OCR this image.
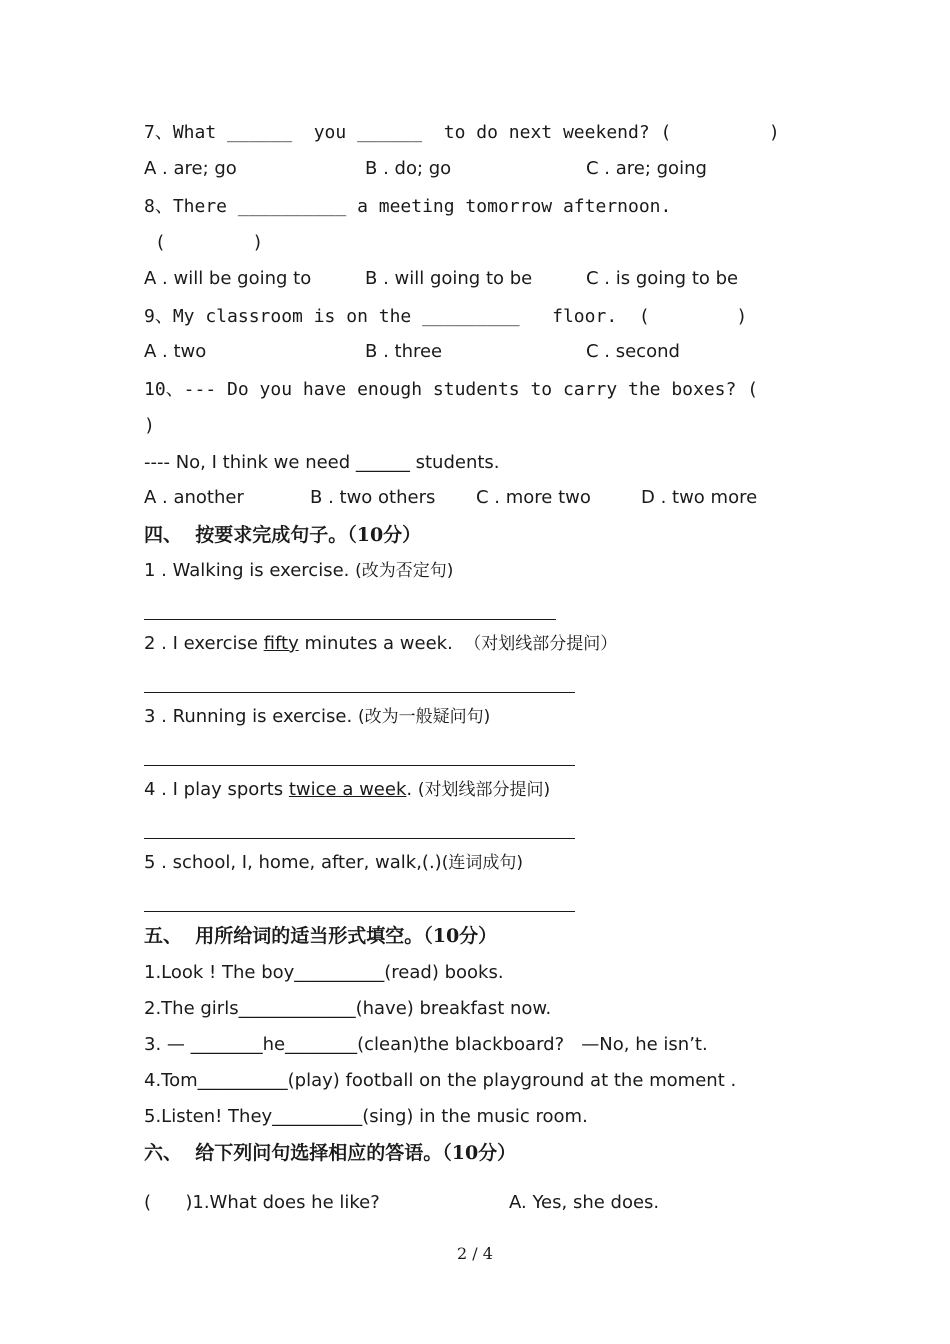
7、What ______  you ______  to do next weekend? (         )
A . are; go	B . do; go	C . are; going
8、There __________ a meeting tomorrow afternoon.
(        )
A . will be going to	B . will going to be	C . is going to be
9、My classroom is on the _________   floor.  (        )
A . two	B . three	C . second
10、--- Do you have enough students to carry the boxes? (
)
---- No, I think we need ______ students.
A . another	B . two others C . more two	D . two more
四、  按要求完成句子。（10分）
1 . Walking is exercise. (改为否定句)
2 . I exercise fifty minutes a week.  （对划线部分提问）
3 . Running is exercise. (改为一般疑问句)
4 . I play sports twice a week. (对划线部分提问)
5 . school, I, home, after, walk,(.)(连词成句)
五、  用所给词的适当形式填空。（10分）
1.Look ! The boy__________(read) books.
2.The girls_____________(have) breakfast now.
3. — ________he________(clean)the blackboard?   —No, he isn’t.
4.Tom__________(play) football on the playground at the moment .
5.Listen! They__________(sing) in the music room.
六、  给下列问句选择相应的答语。（10分）
(      )1.What does he like?	A. Yes, she does.
2 / 4
